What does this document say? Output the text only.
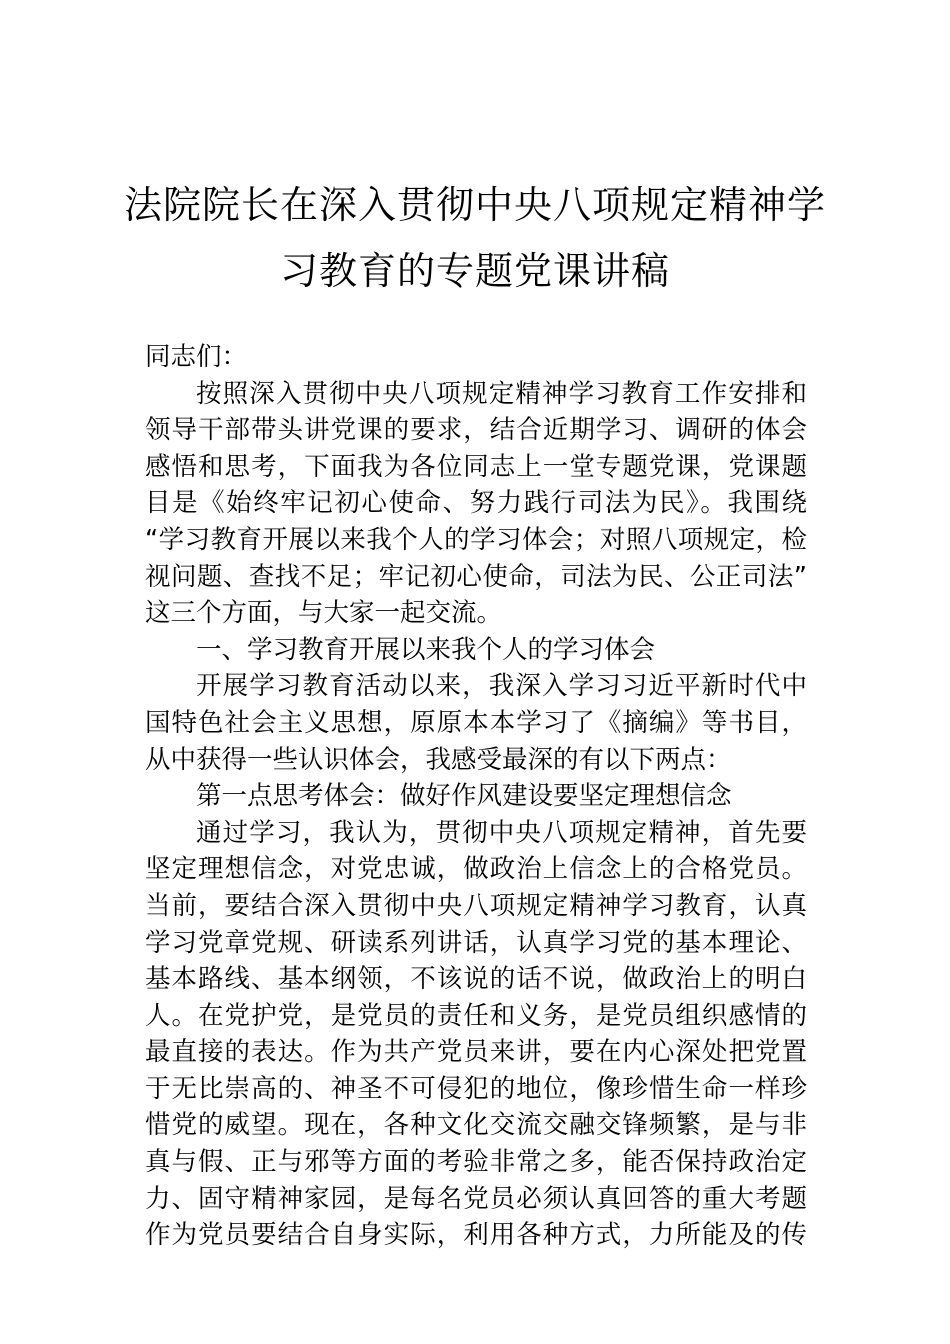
法院院长在深入贯彻中央八项规定精神学
习教育的专题党课讲稿
同志们：
按照深入贯彻中央八项规定精神学习教育工作安排和
领导干部带头讲党课的要求，结合近期学习、调研的体会
感悟和思考，下面我为各位同志上一堂专题党课，党课题
目是《始终牢记初心使命、努力践行司法为民》。我围绕
“学习教育开展以来我个人的学习体会；对照八项规定，检
视问题、查找不足；牢记初心使命，司法为民、公正司法”
这三个方面，与大家一起交流。
一、学习教育开展以来我个人的学习体会
开展学习教育活动以来，我深入学习习近平新时代中
国特色社会主义思想，原原本本学习了《摘编》等书目，
从中获得一些认识体会，我感受最深的有以下两点：
第一点思考体会：做好作风建设要坚定理想信念
通过学习，我认为，贯彻中央八项规定精神，首先要
坚定理想信念，对党忠诚，做政治上信念上的合格党员。
当前，要结合深入贯彻中央八项规定精神学习教育，认真
学习党章党规、研读系列讲话，认真学习党的基本理论、
基本路线、基本纲领，不该说的话不说，做政治上的明白
人。在党护党，是党员的责任和义务，是党员组织感情的
最直接的表达。作为共产党员来讲，要在内心深处把党置
于无比崇高的、神圣不可侵犯的地位，像珍惜生命一样珍
惜党的威望。现在，各种文化交流交融交锋频繁，是与非
真与假、正与邪等方面的考验非常之多，能否保持政治定
力、固守精神家园，是每名党员必须认真回答的重大考题
作为党员要结合自身实际，利用各种方式，力所能及的传
